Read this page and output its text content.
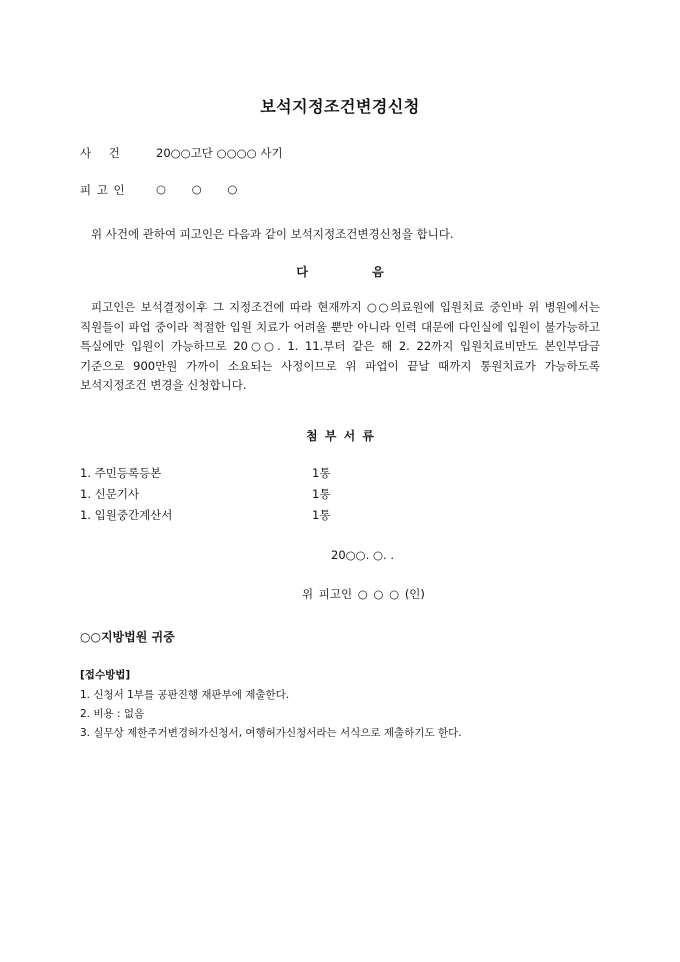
보석지정조건변경신청
사 건	20○○고단 ○○○○ 사기
피 고 인	○ ○ ○
위 사건에 관하여 피고인은 다음과 같이 보석지정조건변경신청을 합니다.
다 음
피고인은 보석결정이후 그 지정조건에 따라 현재까지 ○○의료원에 입원치료 중인바 위 병원에서는 직원들이 파업 중이라 적절한 입원 치료가 어려울 뿐만 아니라 인력 대문에 다인실에 입원이 불가능하고 특실에만 입원이 가능하므로 20○○. 1. 11.부터 같은 해 2. 22까지 입원치료비만도 본인부담금 기준으로 900만원 가까이 소요되는 사정이므로 위 파업이 끝날 때까지 통원치료가 가능하도록 보석지정조건 변경을 신청합니다.
첨 부 서 류
1. 주민등록등본	1통
1. 신문기사	1통
1. 입원중간계산서	1통
20○○. ○. .
위 피고인 ○ ○ ○ (인)
○○지방법원 귀중
[접수방법]
1. 신청서 1부를 공판진행 재판부에 제출한다.
2. 비용 : 없음
3. 실무상 제한주거변경허가신청서, 여행허가신청서라는 서식으로 제출하기도 한다.
